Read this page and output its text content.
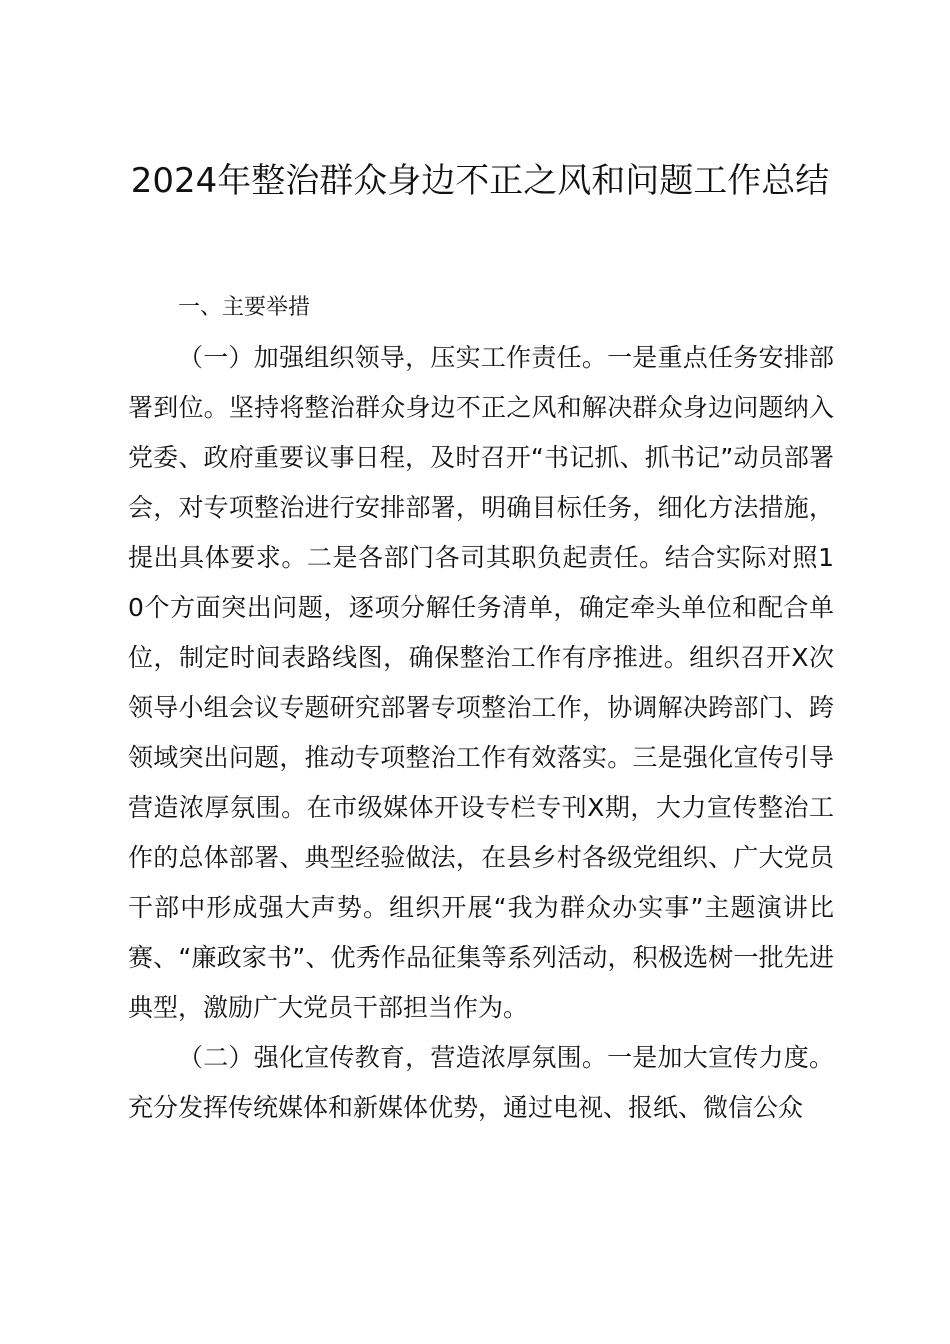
2024年整治群众身边不正之风和问题工作总结

一、主要举措

（一）加强组织领导，压实工作责任。一是重点任务安排部署到位。坚持将整治群众身边不正之风和解决群众身边问题纳入党委、政府重要议事日程，及时召开“书记抓、抓书记”动员部署会，对专项整治进行安排部署，明确目标任务，细化方法措施，提出具体要求。二是各部门各司其职负起责任。结合实际对照10个方面突出问题，逐项分解任务清单，确定牵头单位和配合单位，制定时间表路线图，确保整治工作有序推进。组织召开X次领导小组会议专题研究部署专项整治工作，协调解决跨部门、跨领域突出问题，推动专项整治工作有效落实。三是强化宣传引导营造浓厚氛围。在市级媒体开设专栏专刊X期，大力宣传整治工作的总体部署、典型经验做法，在县乡村各级党组织、广大党员干部中形成强大声势。组织开展“我为群众办实事”主题演讲比赛、“廉政家书”、优秀作品征集等系列活动，积极选树一批先进典型，激励广大党员干部担当作为。

（二）强化宣传教育，营造浓厚氛围。一是加大宣传力度。充分发挥传统媒体和新媒体优势，通过电视、报纸、微信公众
